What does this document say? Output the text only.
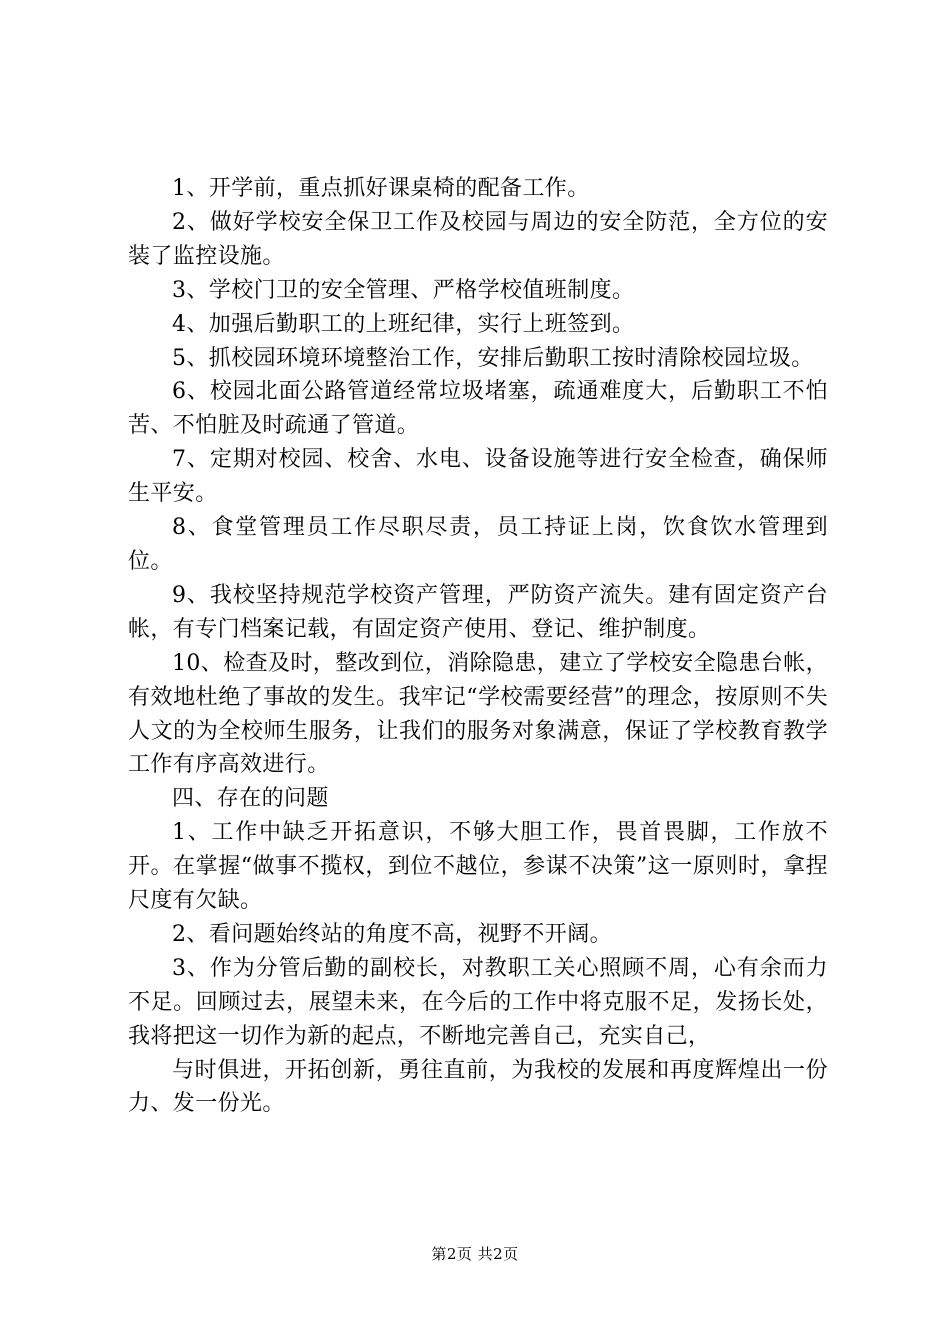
1、开学前，重点抓好课桌椅的配备工作。

2、做好学校安全保卫工作及校园与周边的安全防范，全方位的安装了监控设施。

3、学校门卫的安全管理、严格学校值班制度。

4、加强后勤职工的上班纪律，实行上班签到。

5、抓校园环境环境整治工作，安排后勤职工按时清除校园垃圾。

6、校园北面公路管道经常垃圾堵塞，疏通难度大，后勤职工不怕苦、不怕脏及时疏通了管道。

7、定期对校园、校舍、水电、设备设施等进行安全检查，确保师生平安。

8、食堂管理员工作尽职尽责，员工持证上岗，饮食饮水管理到位。

9、我校坚持规范学校资产管理，严防资产流失。建有固定资产台帐，有专门档案记载，有固定资产使用、登记、维护制度。

10、检查及时，整改到位，消除隐患，建立了学校安全隐患台帐，有效地杜绝了事故的发生。我牢记“学校需要经营”的理念，按原则不失人文的为全校师生服务，让我们的服务对象满意，保证了学校教育教学工作有序高效进行。

四、存在的问题

1、工作中缺乏开拓意识，不够大胆工作，畏首畏脚，工作放不开。在掌握“做事不揽权，到位不越位，参谋不决策”这一原则时，拿捏尺度有欠缺。

2、看问题始终站的角度不高，视野不开阔。

3、作为分管后勤的副校长，对教职工关心照顾不周，心有余而力不足。回顾过去，展望未来，在今后的工作中将克服不足，发扬长处，我将把这一切作为新的起点，不断地完善自己，充实自己，

与时俱进，开拓创新，勇往直前，为我校的发展和再度辉煌出一份力、发一份光。

第2页 共2页
